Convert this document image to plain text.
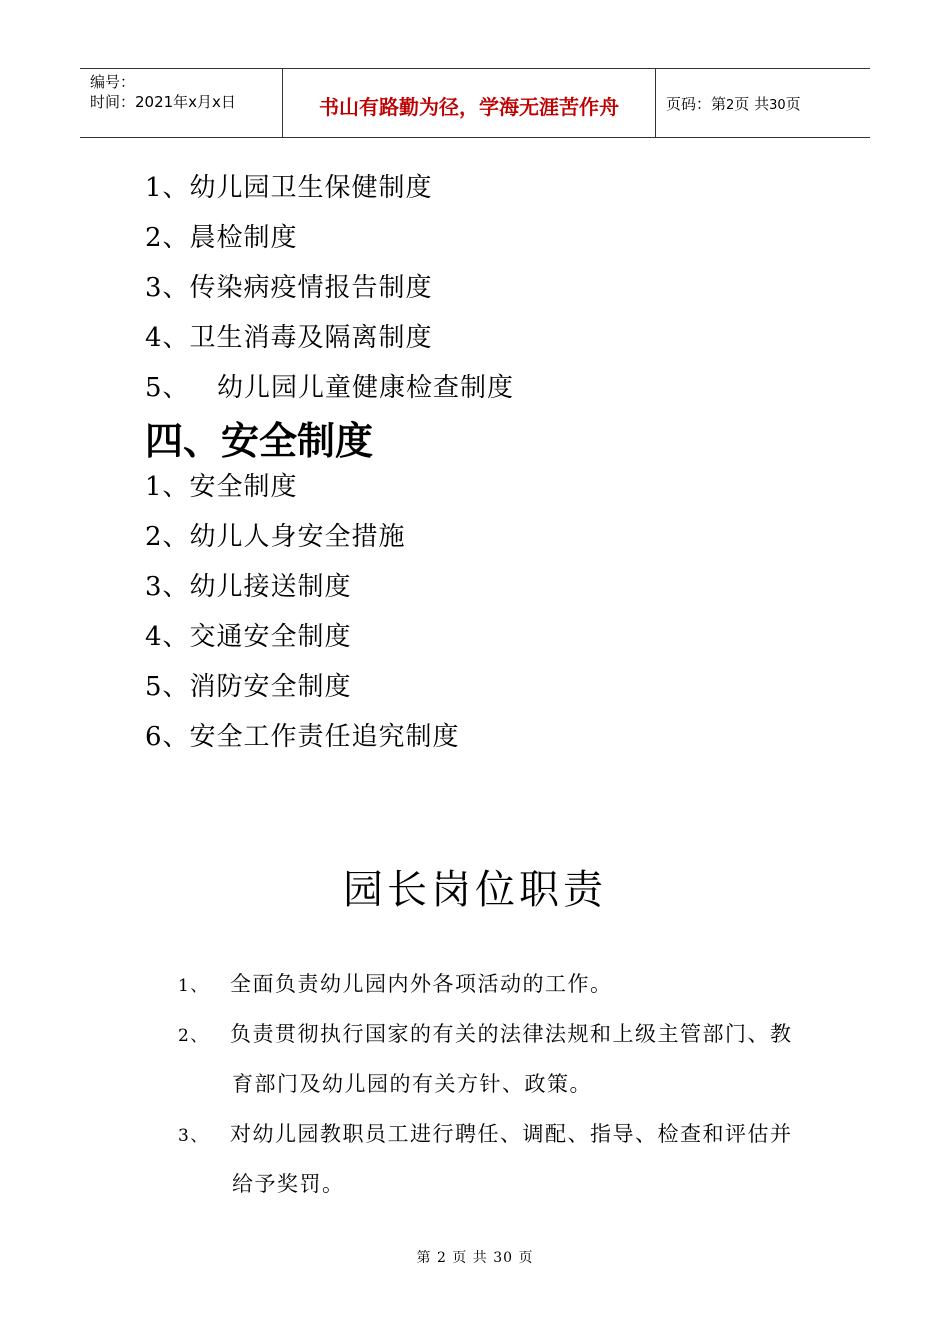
编号：
时间：2021年x月x日	书山有路勤为径，学海无涯苦作舟	页码：第2页 共30页
1、幼儿园卫生保健制度
2、晨检制度
3、传染病疫情报告制度
4、卫生消毒及隔离制度
5、 幼儿园儿童健康检查制度
四、安全制度
1、安全制度
2、幼儿人身安全措施
3、幼儿接送制度
4、交通安全制度
5、消防安全制度
6、安全工作责任追究制度
园长岗位职责
1、 全面负责幼儿园内外各项活动的工作。
2、 负责贯彻执行国家的有关的法律法规和上级主管部门、教
育部门及幼儿园的有关方针、政策。
3、 对幼儿园教职员工进行聘任、调配、指导、检查和评估并
给予奖罚。
第 2 页 共 30 页
